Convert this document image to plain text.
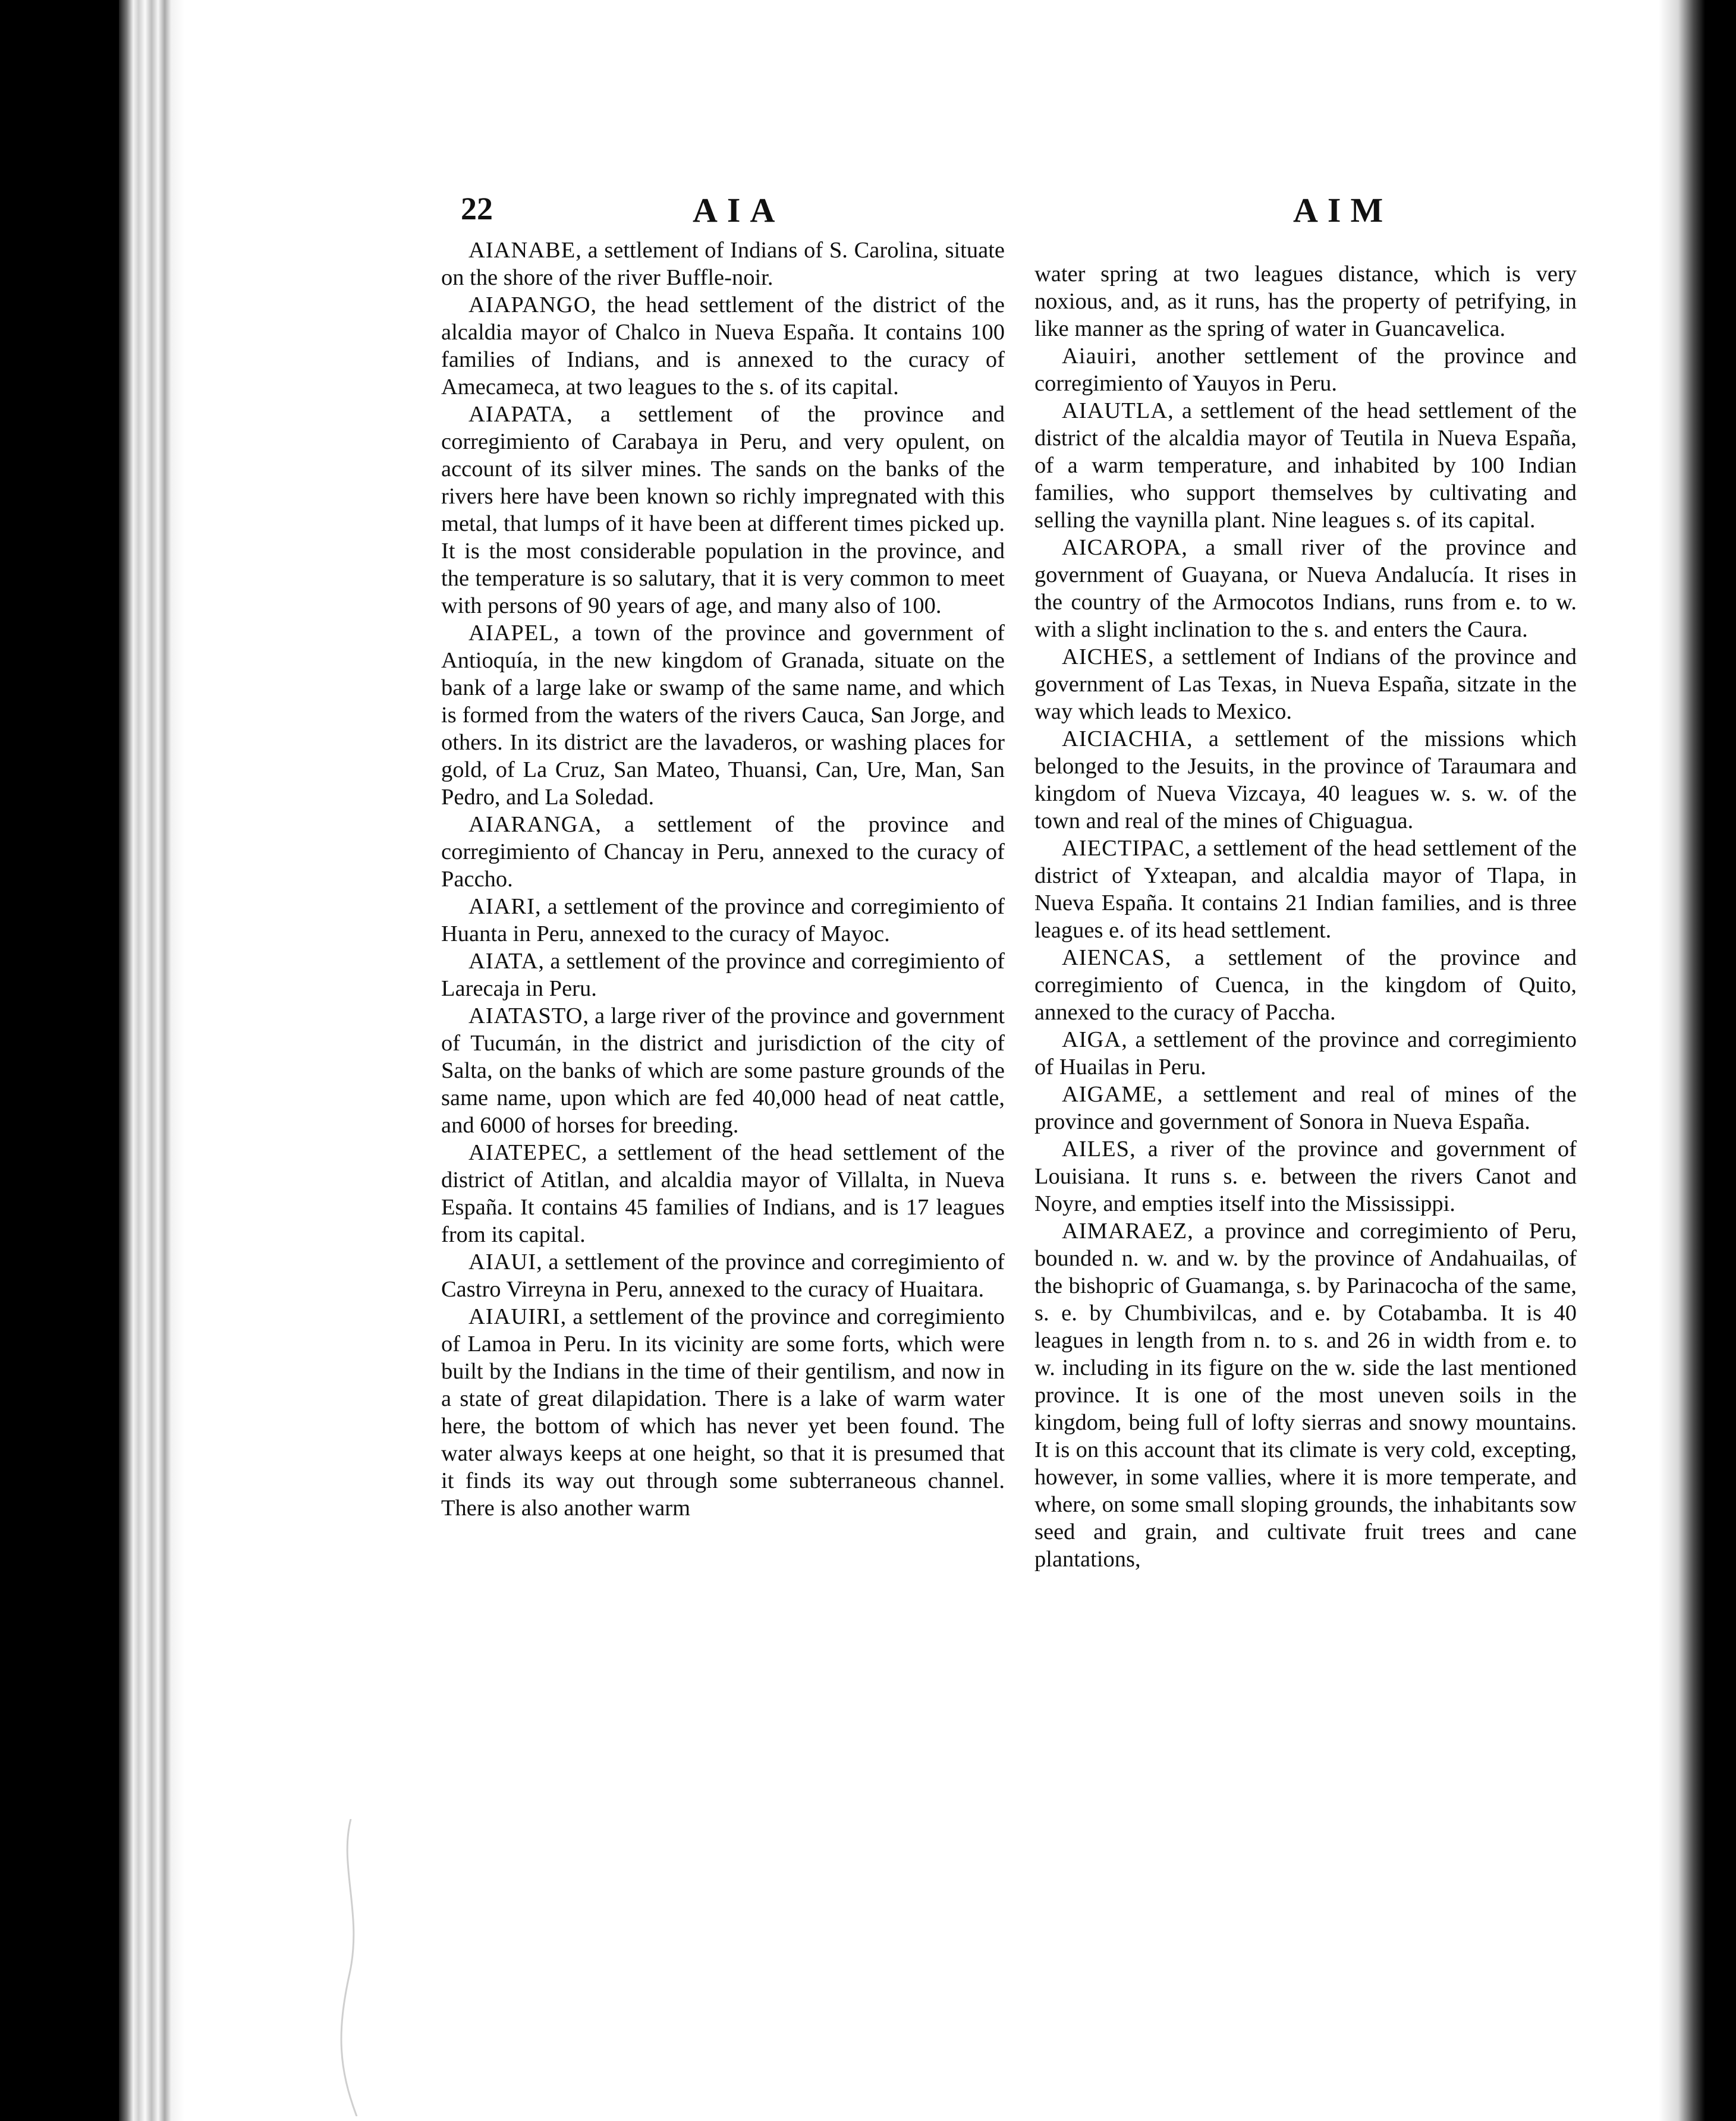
22	AIA	AIM

AIANABE, a settlement of Indians of S. Carolina, situate on the shore of the river Buffle-noir.

AIAPANGO, the head settlement of the district of the alcaldia mayor of Chalco in Nueva España. It contains 100 families of Indians, and is annexed to the curacy of Amecameca, at two leagues to the s. of its capital.

AIAPATA, a settlement of the province and corregimiento of Carabaya in Peru, and very opulent, on account of its silver mines. The sands on the banks of the rivers here have been known so richly impregnated with this metal, that lumps of it have been at different times picked up. It is the most considerable population in the province, and the temperature is so salutary, that it is very common to meet with persons of 90 years of age, and many also of 100.

AIAPEL, a town of the province and government of Antioquía, in the new kingdom of Granada, situate on the bank of a large lake or swamp of the same name, and which is formed from the waters of the rivers Cauca, San Jorge, and others. In its district are the lavaderos, or washing places for gold, of La Cruz, San Mateo, Thuansi, Can, Ure, Man, San Pedro, and La Soledad.

AIARANGA, a settlement of the province and corregimiento of Chancay in Peru, annexed to the curacy of Paccho.

AIARI, a settlement of the province and corregimiento of Huanta in Peru, annexed to the curacy of Mayoc.

AIATA, a settlement of the province and corregimiento of Larecaja in Peru.

AIATASTO, a large river of the province and government of Tucumán, in the district and jurisdiction of the city of Salta, on the banks of which are some pasture grounds of the same name, upon which are fed 40,000 head of neat cattle, and 6000 of horses for breeding.

AIATEPEC, a settlement of the head settlement of the district of Atitlan, and alcaldia mayor of Villalta, in Nueva España. It contains 45 families of Indians, and is 17 leagues from its capital.

AIAUI, a settlement of the province and corregimiento of Castro Virreyna in Peru, annexed to the curacy of Huaitara.

AIAUIRI, a settlement of the province and corregimiento of Lamoa in Peru. In its vicinity are some forts, which were built by the Indians in the time of their gentilism, and now in a state of great dilapidation. There is a lake of warm water here, the bottom of which has never yet been found. The water always keeps at one height, so that it is presumed that it finds its way out through some subterraneous channel. There is also another warm

water spring at two leagues distance, which is very noxious, and, as it runs, has the property of petrifying, in like manner as the spring of water in Guancavelica.

Aiauiri, another settlement of the province and corregimiento of Yauyos in Peru.

AIAUTLA, a settlement of the head settlement of the district of the alcaldia mayor of Teutila in Nueva España, of a warm temperature, and inhabited by 100 Indian families, who support themselves by cultivating and selling the vaynilla plant. Nine leagues s. of its capital.

AICAROPA, a small river of the province and government of Guayana, or Nueva Andalucía. It rises in the country of the Armocotos Indians, runs from e. to w. with a slight inclination to the s. and enters the Caura.

AICHES, a settlement of Indians of the province and government of Las Texas, in Nueva España, sitzate in the way which leads to Mexico.

AICIACHIA, a settlement of the missions which belonged to the Jesuits, in the province of Taraumara and kingdom of Nueva Vizcaya, 40 leagues w. s. w. of the town and real of the mines of Chiguagua.

AIECTIPAC, a settlement of the head settlement of the district of Yxteapan, and alcaldia mayor of Tlapa, in Nueva España. It contains 21 Indian families, and is three leagues e. of its head settlement.

AIENCAS, a settlement of the province and corregimiento of Cuenca, in the kingdom of Quito, annexed to the curacy of Paccha.

AIGA, a settlement of the province and corregimiento of Huailas in Peru.

AIGAME, a settlement and real of mines of the province and government of Sonora in Nueva España.

AILES, a river of the province and government of Louisiana. It runs s. e. between the rivers Canot and Noyre, and empties itself into the Mississippi.

AIMARAEZ, a province and corregimiento of Peru, bounded n. w. and w. by the province of Andahuailas, of the bishopric of Guamanga, s. by Parinacocha of the same, s. e. by Chumbivilcas, and e. by Cotabamba. It is 40 leagues in length from n. to s. and 26 in width from e. to w. including in its figure on the w. side the last mentioned province. It is one of the most uneven soils in the kingdom, being full of lofty sierras and snowy mountains. It is on this account that its climate is very cold, excepting, however, in some vallies, where it is more temperate, and where, on some small sloping grounds, the inhabitants sow seed and grain, and cultivate fruit trees and cane plantations,
